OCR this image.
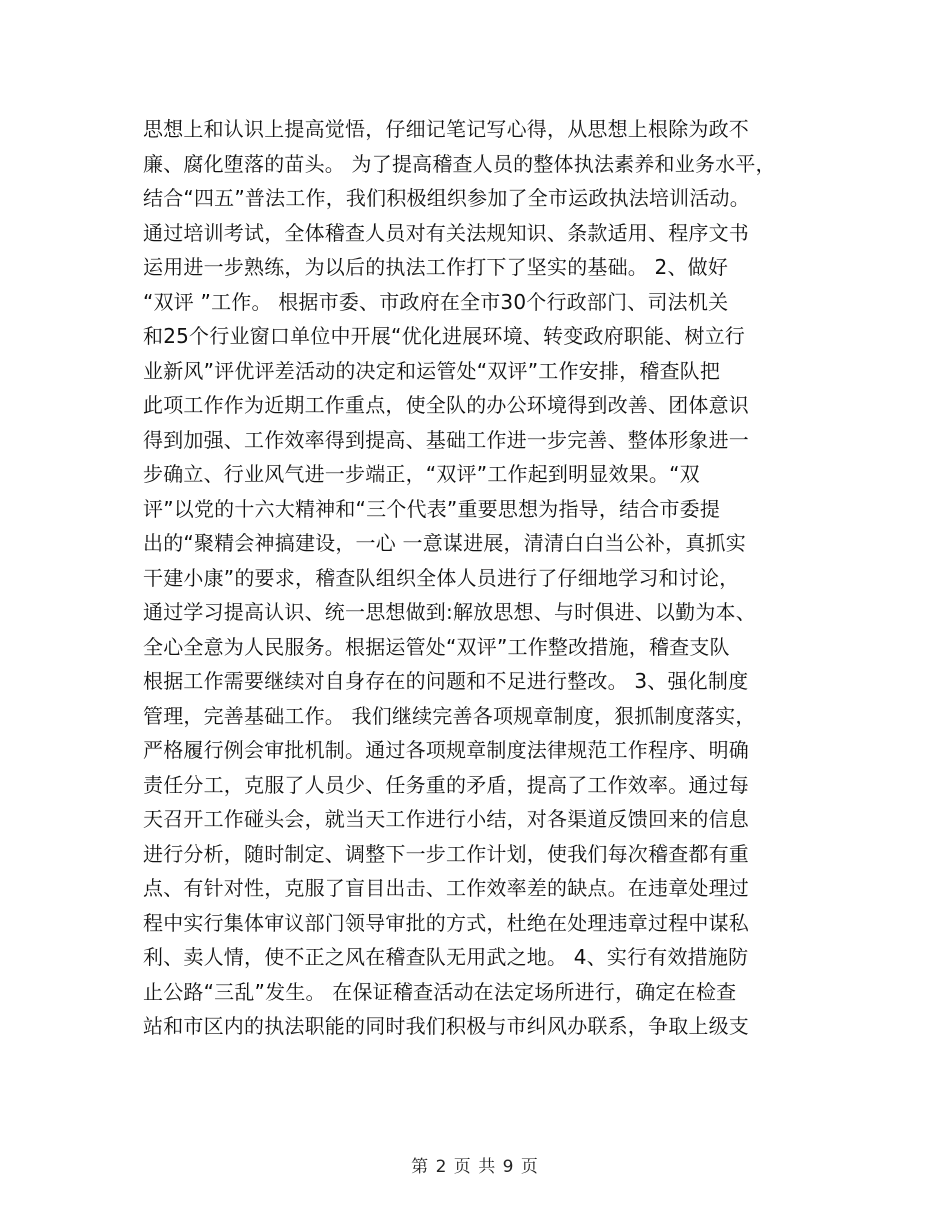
思想上和认识上提高觉悟，仔细记笔记写心得，从思想上根除为政不
廉、腐化堕落的苗头。 为了提高稽查人员的整体执法素养和业务水平，
结合“四五”普法工作，我们积极组织参加了全市运政执法培训活动。
通过培训考试，全体稽查人员对有关法规知识、条款适用、程序文书
运用进一步熟练，为以后的执法工作打下了坚实的基础。 2、做好
“双评 ”工作。 根据市委、市政府在全市30个行政部门、司法机关
和25个行业窗口单位中开展“优化进展环境、转变政府职能、树立行
业新风”评优评差活动的决定和运管处“双评”工作安排，稽查队把
此项工作作为近期工作重点，使全队的办公环境得到改善、团体意识
得到加强、工作效率得到提高、基础工作进一步完善、整体形象进一
步确立、行业风气进一步端正，“双评”工作起到明显效果。“双
评”以党的十六大精神和“三个代表”重要思想为指导，结合市委提
出的“聚精会神搞建设，一心 一意谋进展，清清白白当公补，真抓实
干建小康”的要求，稽查队组织全体人员进行了仔细地学习和讨论，
通过学习提高认识、统一思想做到:解放思想、与时俱进、以勤为本、
全心全意为人民服务。根据运管处“双评”工作整改措施，稽查支队
根据工作需要继续对自身存在的问题和不足进行整改。 3、强化制度
管理，完善基础工作。 我们继续完善各项规章制度，狠抓制度落实，
严格履行例会审批机制。通过各项规章制度法律规范工作程序、明确
责任分工，克服了人员少、任务重的矛盾，提高了工作效率。通过每
天召开工作碰头会，就当天工作进行小结，对各渠道反馈回来的信息
进行分析，随时制定、调整下一步工作计划，使我们每次稽查都有重
点、有针对性，克服了盲目出击、工作效率差的缺点。在违章处理过
程中实行集体审议部门领导审批的方式，杜绝在处理违章过程中谋私
利、卖人情，使不正之风在稽查队无用武之地。 4、实行有效措施防
止公路“三乱”发生。 在保证稽查活动在法定场所进行，确定在检查
站和市区内的执法职能的同时我们积极与市纠风办联系，争取上级支
第 2 页 共 9 页
